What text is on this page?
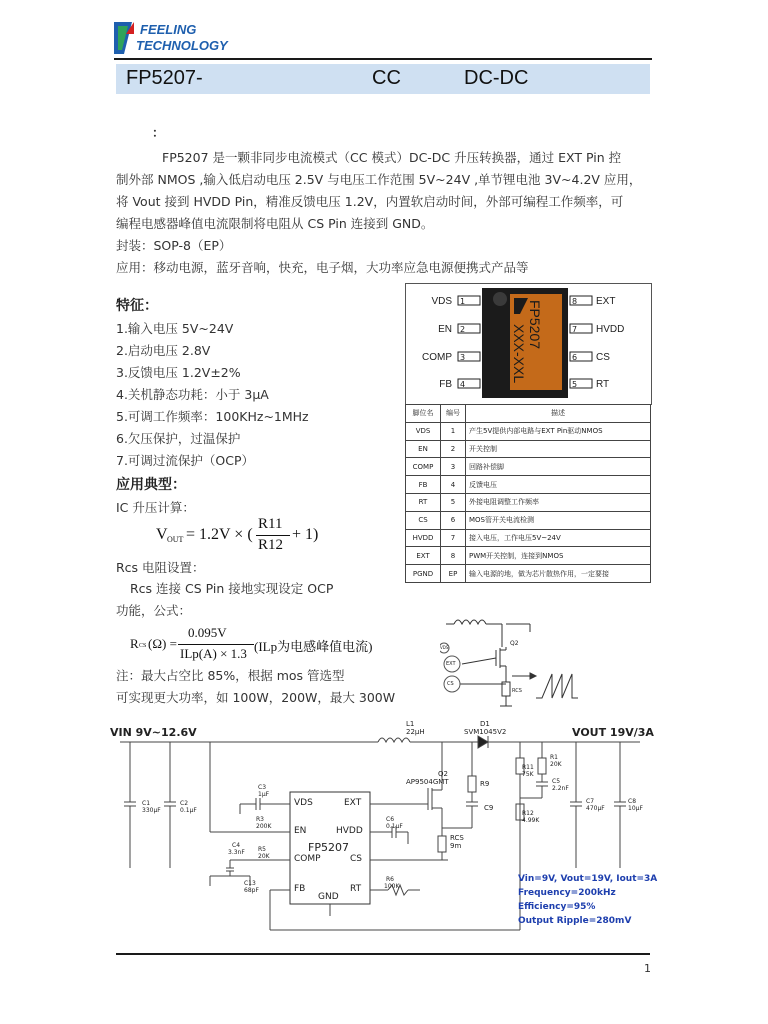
FEELING
TECHNOLOGY
FP5207-	CC	DC-DC
：
FP5207 是一颗非同步电流模式（CC 模式）DC-DC 升压转换器，通过 EXT Pin 控
制外部 NMOS ,输入低启动电压 2.5V 与电压工作范围 5V~24V ,单节锂电池 3V~4.2V 应用，
将 Vout 接到 HVDD Pin，精准反馈电压 1.2V，内置软启动时间，外部可编程工作频率，可
编程电感器峰值电流限制将电阻从 CS Pin 连接到 GND。
封装：SOP-8（EP）
应用：移动电源，蓝牙音响，快充，电子烟，大功率应急电源便携式产品等
特征：
1.输入电压 5V~24V
2.启动电压 2.8V
3.反馈电压 1.2V±2%
4.关机静态功耗：小于 3μA
5.可调工作频率：100KHz~1MHz
6.欠压保护，过温保护
7.可调过流保护（OCP）
应用典型：
IC 升压计算：
V OUT = 1.2V × (
R11
R12
+ 1)
Rcs 电阻设置：
Rcs 连接 CS Pin 接地实现设定 OCP
功能，公式：
R CS (Ω) =
0.095V
ILp(A) × 1.3 (ILp为电感峰值电流)
注：最大占空比 85%，根据 mos 管选型
可实现更大功率，如 100W，200W，最大 300W
1
2
3
4
8
7
6
5
VDS
EN
COMP
FB
EXT
HVDD
CS
RT
FP5207
XXX-XXL
脚位名	编号	描述
VDS	1	产生5V提供内部电路与EXT Pin驱动NMOS
EN	2	开关控制
COMP	3	回路补偿脚
FB	4	反馈电压
RT	5	外接电阻调整工作频率
CS	6	MOS管开关电流检测
HVDD	7	接入电压，工作电压5V~24V
EXT	8	PWM开关控制，连接到NMOS
PGND	EP	输入电源的地，做为芯片散热作用，一定要接
Q2
EXT
CS
RCS
VDS
VIN 9V~12.6V	VOUT 19V/3A
L1
22μH
D1
SVM1045V2
Q2
AP9504GMT	R9
C9
RCS
9m
R1
20K
R11
75K
C5
2.2nF
R12
4.99K
C7
470μF
C8
10μF
C1
330μF
C2
0.1μF
C3
1μF
R3
200K
C4
3.3nF R5
20K
C13
68pF
C6
0.1μF
R6
100K
FP5207
VDS
EN
COMP
FB
EXT
HVDD
CS
RT
GND
Vin=9V, Vout=19V, Iout=3A
Frequency=200kHz
Efficiency=95%
Output Ripple=280mV
1
